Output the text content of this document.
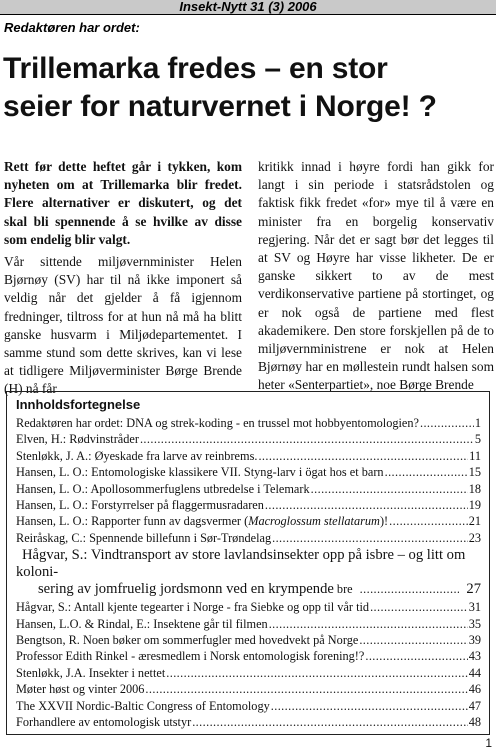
Insekt-Nytt 31 (3) 2006
Redaktøren har ordet:
Trillemarka fredes – en stor
seier for naturvernet i Norge! ?

Rett før dette heftet går i tykken, kom nyheten om at Trillemarka blir fredet. Flere alternativer er diskutert, og det skal bli spennende å se hvilke av disse som endelig blir valgt.

Vår sittende miljøvernminister Helen Bjørnøy (SV) har til nå ikke imponert så veldig når det gjelder å få igjennom fredninger, tiltross for at hun nå må ha blitt ganske husvarm i Miljødepartementet. I samme stund som dette skrives, kan vi lese at tidligere Miljøverminister Børge Brende (H) nå får

kritikk innad i høyre fordi han gikk for langt i sin periode i statsrådstolen og faktisk fikk fredet «for» mye til å være en minister fra en borgelig konservativ regjering. Når det er sagt bør det legges til at SV og Høyre har visse likheter. De er ganske sikkert to av de mest verdikonservative partiene på stortinget, og er nok også de partiene med flest akademikere. Den store forskjellen på de to miljøvernministrene er nok at Helen Bjørnøy har en møllestein rundt halsen som heter «Senterpartiet», noe Børge Brende

Innholdsfortegnelse
Redaktøren har ordet: DNA og strek-koding - en trussel mot hobbyentomologien? .....	1
Elven, H.: Rødvinstråder .....	5
Stenløkk, J. A.: Øyeskade fra larve av reinbrems. .....	11
Hansen, L. O.: Entomologiske klassikere VII. Styng-larv i ögat hos et barn .....	15
Hansen, L. O.: Apollosommerfuglens utbredelse i Telemark .....	18
Hansen, L. O.: Forstyrrelser på flaggermusradaren .....	19
Hansen, L. O.: Rapporter funn av dagsvermer (Macroglossum stellatarum)! .....	21
Reiråskag, C.: Spennende billefunn i Sør-Trøndelag .....	23
Hågvar, S.: Vindtransport av store lavlandsinsekter opp på isbre – og litt om koloni-
sering av jomfruelig jordsmonn ved en krympende bre .....	27
Hågvar, S.: Antall kjente tegearter i Norge - fra Siebke og opp til vår tid .....	31
Hansen, L.O. & Rindal, E.: Insektene går til filmen .....	35
Bengtson, R. Noen bøker om sommerfugler med hovedvekt på Norge .....	39
Professor Edith Rinkel - æresmedlem i Norsk entomologisk forening!? .....	43
Stenløkk, J.A. Insekter i nettet .....	44
Møter høst og vinter 2006 .....	46
The XXVII Nordic-Baltic Congress of Entomology .....	47
Forhandlere av entomologisk utstyr .....	48
1
